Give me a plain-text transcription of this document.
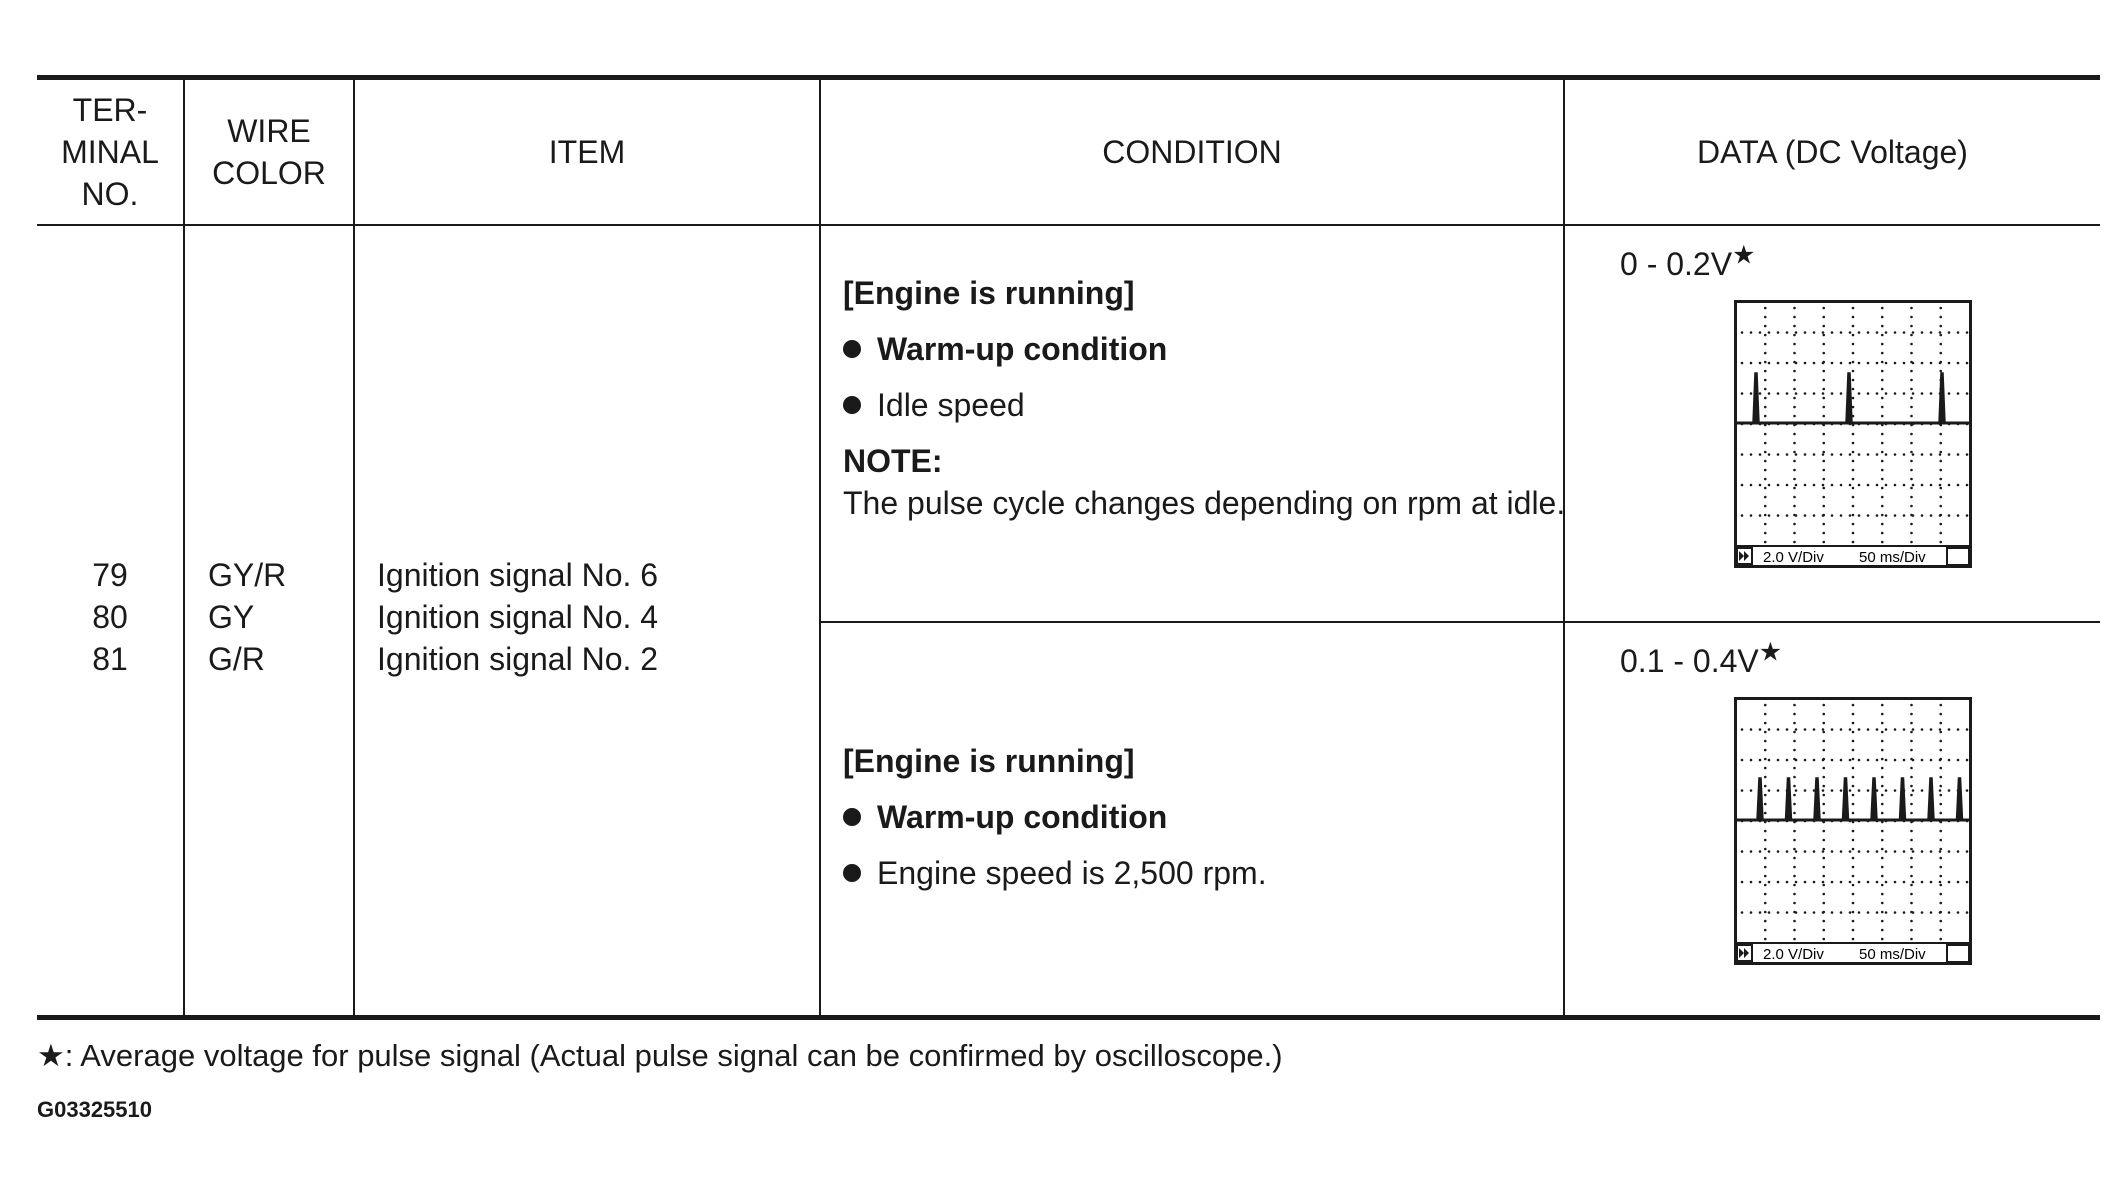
TER-
MINAL
NO.
WIRE
COLOR
ITEM	CONDITION	DATA (DC Voltage)
79
80
81
GY/R
GY
G/R
Ignition signal No. 6
Ignition signal No. 4
Ignition signal No. 2
[Engine is running]
Warm-up condition
Idle speed
NOTE:
The pulse cycle changes depending on rpm at idle.
[Engine is running]
Warm-up condition
Engine speed is 2,500 rpm.
0 - 0.2V★
0.1 - 0.4V★
2.0 V/Div 50 ms/Div
2.0 V/Div 50 ms/Div
★: Average voltage for pulse signal (Actual pulse signal can be confirmed by oscilloscope.)
G03325510
